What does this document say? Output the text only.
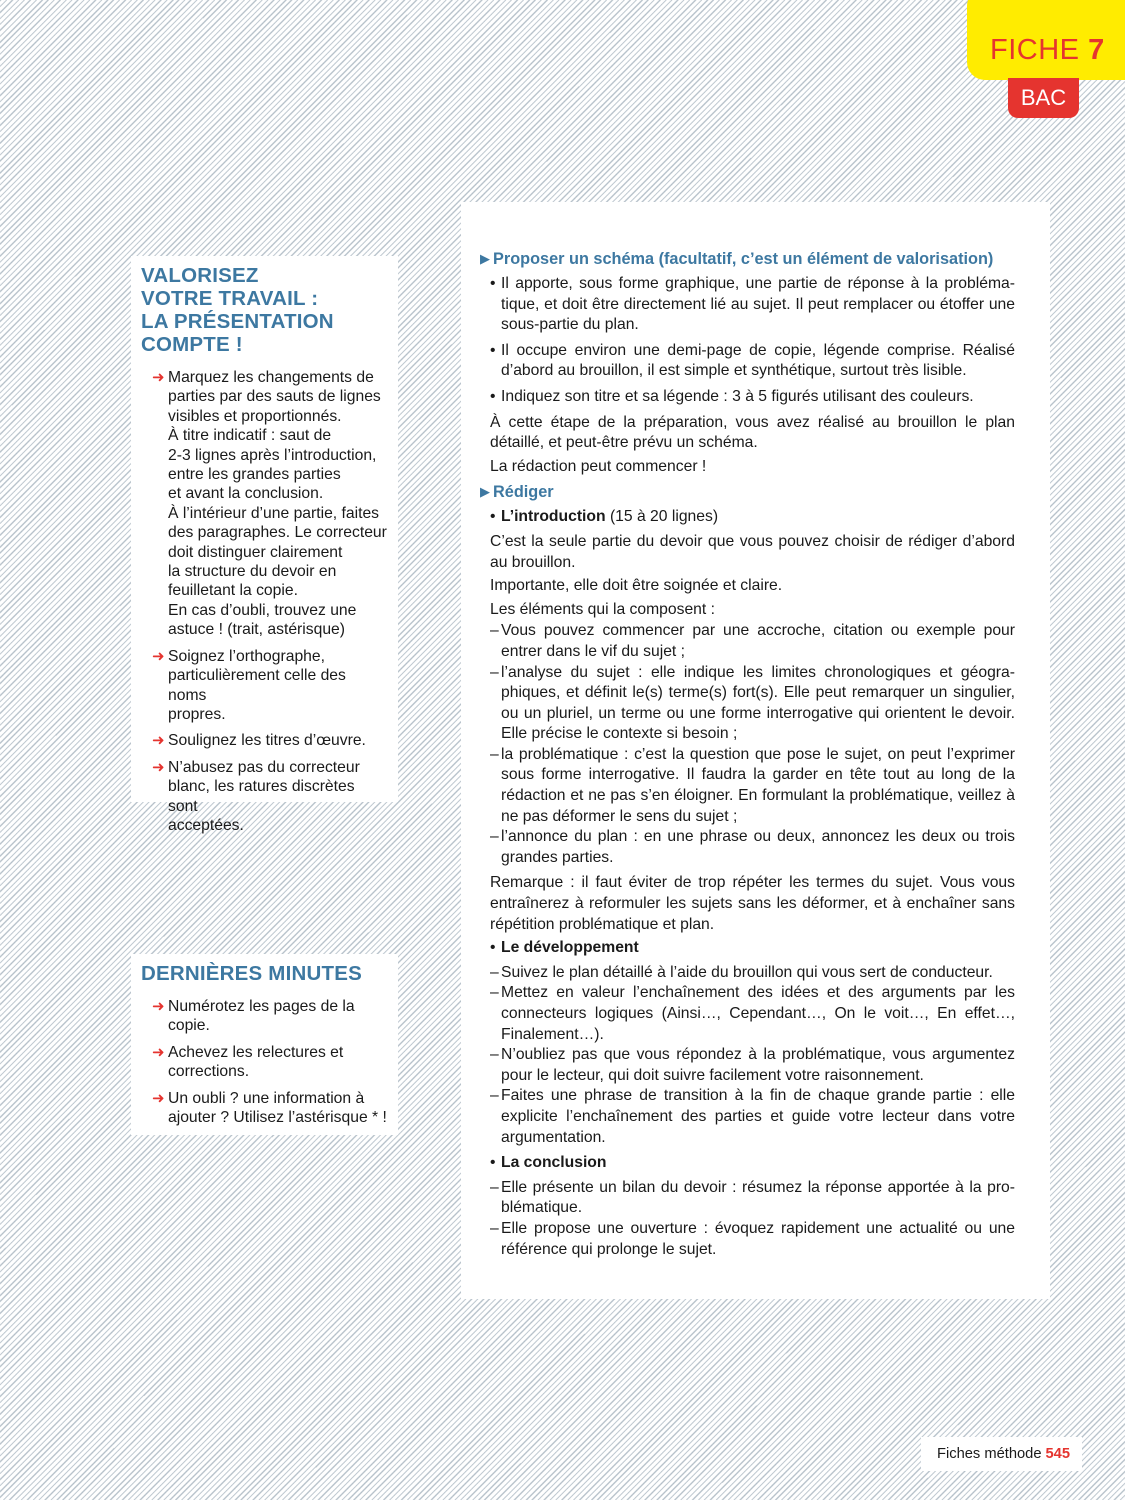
FICHE 7
BAC
VALORISEZ
VOTRE TRAVAIL :
LA PRÉSENTATION
COMPTE !
➜ Marquez les changements de
parties par des sauts de lignes
visibles et proportionnés.
À titre indicatif : saut de
2-3 lignes après l’introduction,
entre les grandes parties
et avant la conclusion.
À l’intérieur d’une partie, faites
des paragraphes. Le correcteur
doit distinguer clairement
la structure du devoir en
feuilletant la copie.
En cas d’oubli, trouvez une
astuce ! (trait, astérisque)
➜ Soignez l’orthographe,
particulièrement celle des noms
propres.
➜ Soulignez les titres d’œuvre.
➜ N’abusez pas du correcteur
blanc, les ratures discrètes sont
acceptées.
DERNIÈRES MINUTES
➜ Numérotez les pages de la
copie.
➜ Achevez les relectures et
corrections.
➜ Un oubli ? une information à
ajouter ? Utilisez l’astérisque * !
▶ Proposer un schéma (facultatif, c’est un élément de valorisation)

• Il apporte, sous forme graphique, une partie de réponse à la problématique, et doit être directement lié au sujet. Il peut remplacer ou étoffer une sous-partie du plan.

• Il occupe environ une demi-page de copie, légende comprise. Réalisé d’abord au brouillon, il est simple et synthétique, surtout très lisible.

• Indiquez son titre et sa légende : 3 à 5 figurés utilisant des couleurs.

À cette étape de la préparation, vous avez réalisé au brouillon le plan détaillé, et peut-être prévu un schéma.

La rédaction peut commencer !

▶ Rédiger

• L’introduction (15 à 20 lignes)

C’est la seule partie du devoir que vous pouvez choisir de rédiger d’abord au brouillon.

Importante, elle doit être soignée et claire.

Les éléments qui la composent :

– Vous pouvez commencer par une accroche, citation ou exemple pour entrer dans le vif du sujet ;

– l’analyse du sujet : elle indique les limites chronologiques et géographiques, et définit le(s) terme(s) fort(s). Elle peut remarquer un singulier, ou un pluriel, un terme ou une forme interrogative qui orientent le devoir. Elle précise le contexte si besoin ;

– la problématique : c’est la question que pose le sujet, on peut l’exprimer sous forme interrogative. Il faudra la garder en tête tout au long de la rédaction et ne pas s’en éloigner. En formulant la problématique, veillez à ne pas déformer le sens du sujet ;

– l’annonce du plan : en une phrase ou deux, annoncez les deux ou trois grandes parties.

Remarque : il faut éviter de trop répéter les termes du sujet. Vous vous entraînerez à reformuler les sujets sans les déformer, et à enchaîner sans répétition problématique et plan.

• Le développement

– Suivez le plan détaillé à l’aide du brouillon qui vous sert de conducteur.

– Mettez en valeur l’enchaînement des idées et des arguments par les connecteurs logiques (Ainsi…, Cependant…, On le voit…, En effet…, Finalement…).

– N’oubliez pas que vous répondez à la problématique, vous argumentez pour le lecteur, qui doit suivre facilement votre raisonnement.

– Faites une phrase de transition à la fin de chaque grande partie : elle explicite l’enchaînement des parties et guide votre lecteur dans votre argumentation.

• La conclusion

– Elle présente un bilan du devoir : résumez la réponse apportée à la problématique.

– Elle propose une ouverture : évoquez rapidement une actualité ou une référence qui prolonge le sujet.

Fiches méthode 545
